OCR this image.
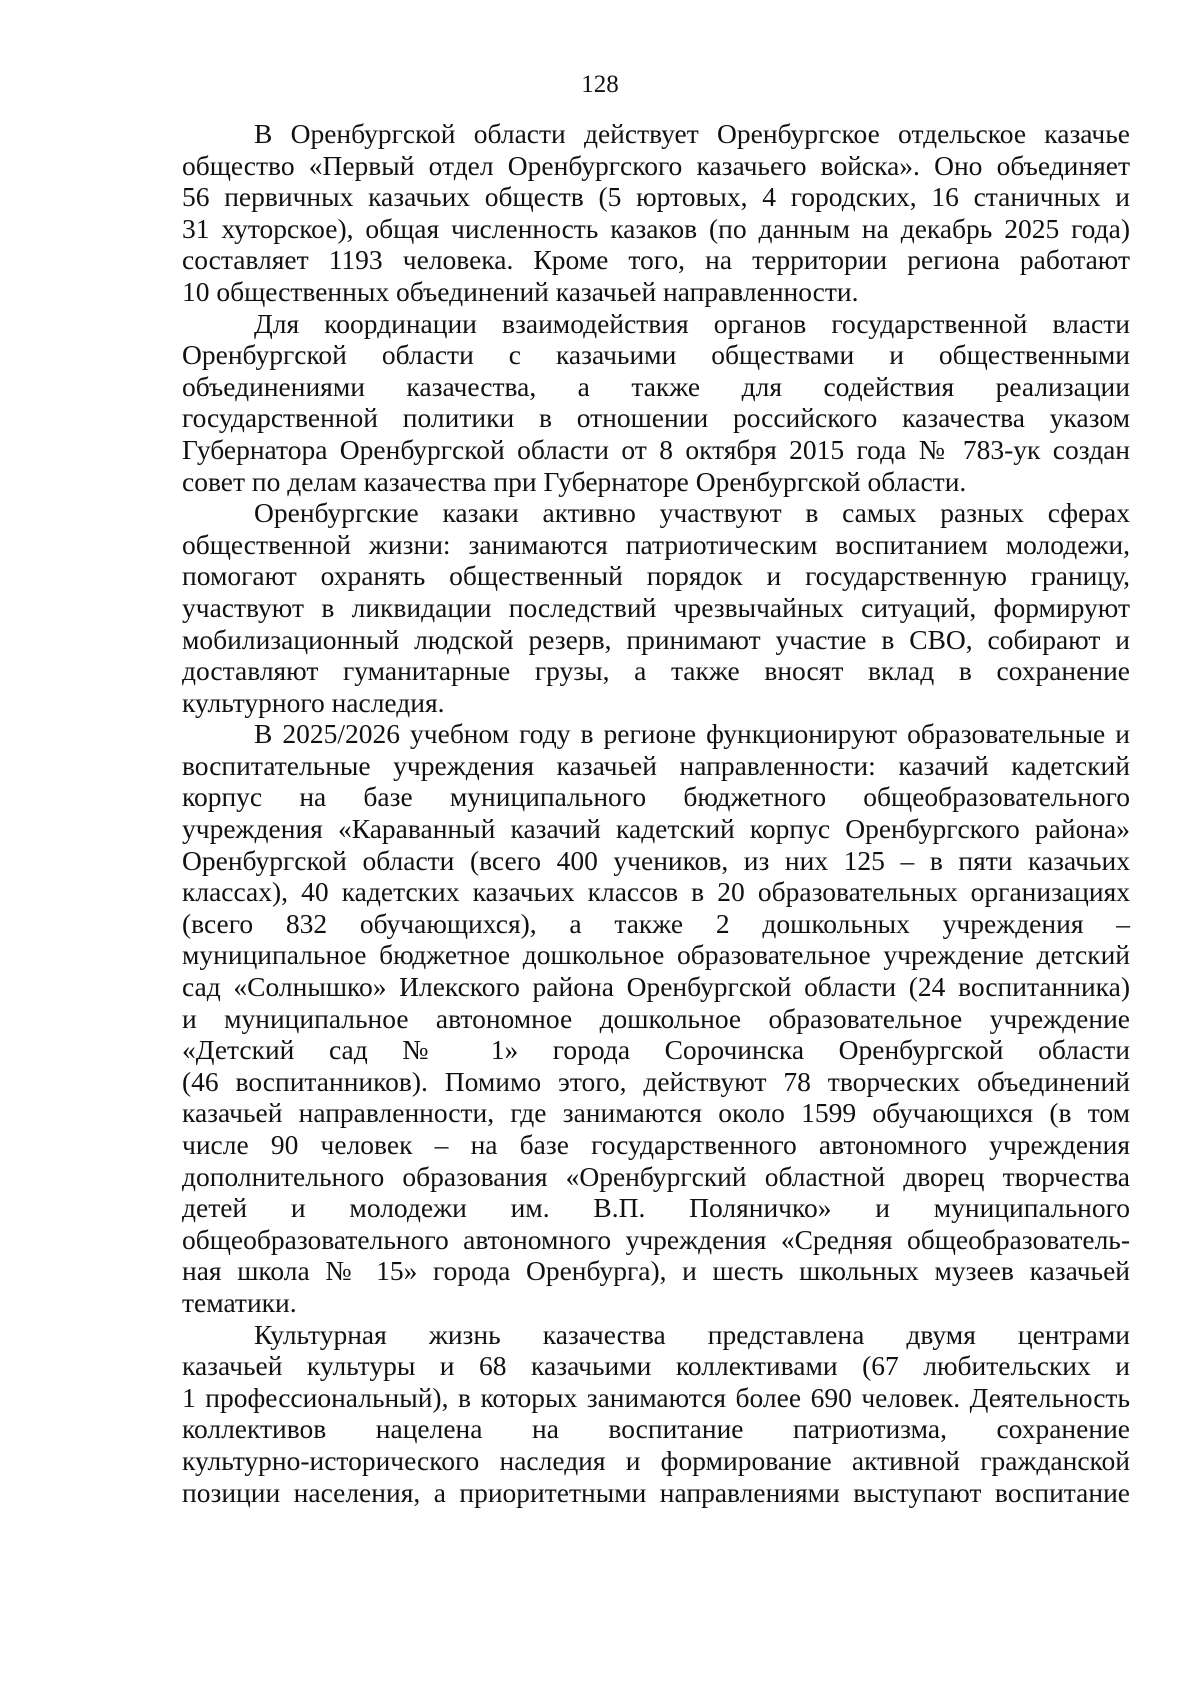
128
В Оренбургской области действует Оренбургское отдельское казачье
общество «Первый отдел Оренбургского казачьего войска». Оно объединяет
56 первичных казачьих обществ (5 юртовых, 4 городских, 16 станичных и
31 хуторское), общая численность казаков (по данным на декабрь 2025 года)
составляет 1193 человека. Кроме того, на территории региона работают
10 общественных объединений казачьей направленности.
Для координации взаимодействия органов государственной власти
Оренбургской области с казачьими обществами и общественными
объединениями казачества, а также для содействия реализации
государственной политики в отношении российского казачества указом
Губернатора Оренбургской области от 8 октября 2015 года № 783-ук создан
совет по делам казачества при Губернаторе Оренбургской области.
Оренбургские казаки активно участвуют в самых разных сферах
общественной жизни: занимаются патриотическим воспитанием молодежи,
помогают охранять общественный порядок и государственную границу,
участвуют в ликвидации последствий чрезвычайных ситуаций, формируют
мобилизационный людской резерв, принимают участие в СВО, собирают и
доставляют гуманитарные грузы, а также вносят вклад в сохранение
культурного наследия.
В 2025/2026 учебном году в регионе функционируют образовательные и
воспитательные учреждения казачьей направленности: казачий кадетский
корпус на базе муниципального бюджетного общеобразовательного
учреждения «Караванный казачий кадетский корпус Оренбургского района»
Оренбургской области (всего 400 учеников, из них 125 – в пяти казачьих
классах), 40 кадетских казачьих классов в 20 образовательных организациях
(всего 832 обучающихся), а также 2 дошкольных учреждения –
муниципальное бюджетное дошкольное образовательное учреждение детский
сад «Солнышко» Илекского района Оренбургской области (24 воспитанника)
и муниципальное автономное дошкольное образовательное учреждение
«Детский сад № 1» города Сорочинска Оренбургской области
(46 воспитанников). Помимо этого, действуют 78 творческих объединений
казачьей направленности, где занимаются около 1599 обучающихся (в том
числе 90 человек – на базе государственного автономного учреждения
дополнительного образования «Оренбургский областной дворец творчества
детей и молодежи им. В.П. Поляничко» и муниципального
общеобразовательного автономного учреждения «Средняя общеобразователь-
ная школа № 15» города Оренбурга), и шесть школьных музеев казачьей
тематики.
Культурная жизнь казачества представлена двумя центрами
казачьей культуры и 68 казачьими коллективами (67 любительских и
1 профессиональный), в которых занимаются более 690 человек. Деятельность
коллективов нацелена на воспитание патриотизма, сохранение
культурно-исторического наследия и формирование активной гражданской
позиции населения, а приоритетными направлениями выступают воспитание
